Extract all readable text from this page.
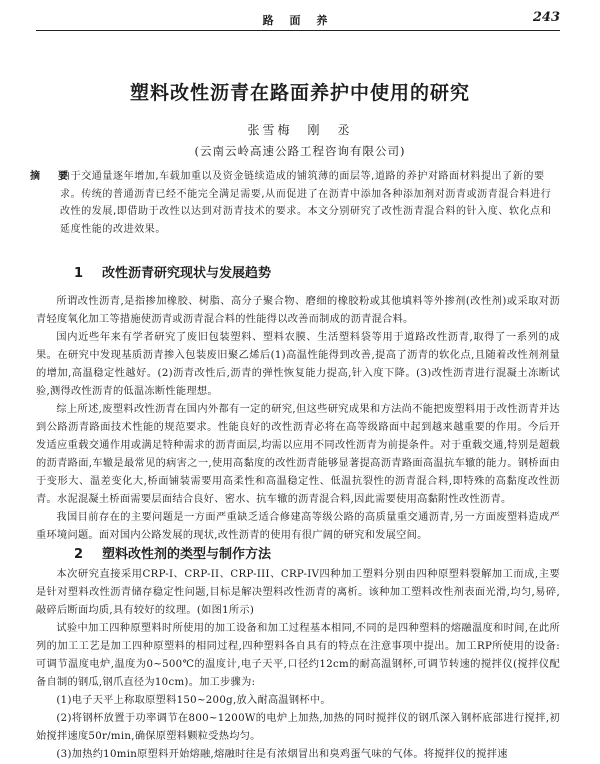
路 面 养	243
塑料改性沥青在路面养护中使用的研究
张雪梅　刚　丞
(云南云岭高速公路工程咨询有限公司)
摘　要
由于交通量逐年增加,车载加重以及资金链续造成的铺筑薄的面层等,道路的养护对路面材料提出了新的要求。传统的普通沥青已经不能完全满足需要,从而促进了在沥青中添加各种添加剂对沥青或沥青混合料进行改性的发展,即借助于改性以达到对沥青技术的要求。本文分别研究了改性沥青混合料的针入度、软化点和延度性能的改进效果。
1 改性沥青研究现状与发展趋势

所谓改性沥青,是指掺加橡胶、树脂、高分子聚合物、磨细的橡胶粉或其他填料等外掺剂(改性剂)或采取对沥青轻度氧化加工等措施使沥青或沥青混合料的性能得以改善而制成的沥青混合料。

国内近些年来有学者研究了废旧包装塑料、塑料农膜、生活塑料袋等用于道路改性沥青,取得了一系列的成果。在研究中发现基质沥青掺入包装废旧聚乙烯后(1)高温性能得到改善,提高了沥青的软化点,且随着改性剂剂量的增加,高温稳定性越好。(2)沥青改性后,沥青的弹性恢复能力提高,针入度下降。(3)改性沥青进行混凝土冻断试验,测得改性沥青的低温冻断性能理想。

综上所述,废塑料改性沥青在国内外都有一定的研究,但这些研究成果和方法尚不能把废塑料用于改性沥青并达到公路沥青路面技术性能的规范要求。性能良好的改性沥青必将在高等级路面中起到越来越重要的作用。今后开发适应重载交通作用或满足特种需求的沥青面层,均需以应用不同改性沥青为前提条件。对于重载交通,特别是超载的沥青路面,车辙是最常见的病害之一,使用高黏度的改性沥青能够显著提高沥青路面高温抗车辙的能力。钢桥面由于变形大、温差变化大,桥面铺装需要用高柔性和高温稳定性、低温抗裂性的沥青混合料,即特殊的高黏度改性沥青。水泥混凝土桥面需要层面结合良好、密水、抗车辙的沥青混合料,因此需要使用高黏附性改性沥青。

我国目前存在的主要问题是一方面严重缺乏适合修建高等级公路的高质量重交通沥青,另一方面废塑料造成严重环境问题。面对国内公路发展的现状,改性沥青的使用有很广阔的研究和发展空间。

2 塑料改性剂的类型与制作方法

本次研究直接采用CRP-I、CRP-II、CRP-III、CRP-IV四种加工塑料分别由四种原塑料裂解加工而成,主要是针对塑料改性沥青储存稳定性问题,目标是解决塑料改性沥青的离析。该种加工塑料改性剂表面光滑,均匀,易碎,敲碎后断面均质,具有较好的纹理。(如图1所示)

试验中加工四种原塑料时所使用的加工设备和加工过程基本相同,不同的是四种塑料的熔融温度和时间,在此所列的加工工艺是加工四种原塑料的相同过程,四种塑料各自具有的特点在注意事项中提出。加工RP所使用的设备:可调节温度电炉,温度为0~500℃的温度计,电子天平,口径约12cm的耐高温钢杯,可调节转速的搅拌仪(搅拌仪配备自制的钢瓜,钢爪直径为10cm)。加工步骤为:

(1)电子天平上称取原塑料150~200g,放入耐高温钢杯中。

(2)将钢杯放置于功率调节在800~1200W的电炉上加热,加热的同时搅拌仪的钢爪深入钢杯底部进行搅拌,初始搅拌速度50r/min,确保原塑料颗粒受热均匀。

(3)加热约10min原塑料开始熔融,熔融时往是有浓烟冒出和臭鸡蛋气味的气体。将搅拌仪的搅拌速
